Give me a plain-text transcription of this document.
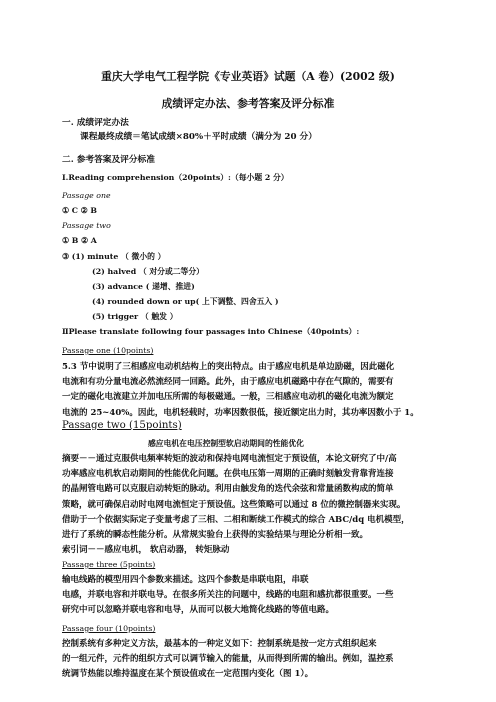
重庆大学电气工程学院《专业英语》试题（A 卷）(2002 级)
成绩评定办法、参考答案及评分标准
一. 成绩评定办法
课程最终成绩＝笔试成绩×80%＋平时成绩（满分为 20 分）
二. 参考答案及评分标准
Ⅰ.Reading comprehension（20points）:（每小题 2 分）
Passage one
① C ② B
Passage two
① B ② A
③ (1) minute （ 微小的 ）
(2) halved （ 对分或二等分）
(3) advance ( 递增、推进)
(4) rounded down or up( 上下调整、四舍五入 )
(5) trigger （ 触发 ）
ⅡPlease translate following four passages into Chinese（40points）:
Passage one (10points)
5.3 节中说明了三相感应电动机结构上的突出特点。由于感应电机是单边励磁，因此磁化
电流和有功分量电流必然流经同一回路。此外，由于感应电机磁路中存在气隙的，需要有
一定的磁化电流建立并加电压所需的每极磁通。一般，三相感应电动机的磁化电流为额定
电流的 25~40%。因此，电机轻载时，功率因数很低，接近额定出力时，其功率因数小于 1。
Passage two (15points)
感应电机在电压控制型软启动期间的性能优化
摘要－－通过克服供电频率转矩的波动和保持电网电流恒定于预设值，本论文研究了中/高
功率感应电机软启动期间的性能优化问题。在供电压第一周期的正确时刻触发背靠背连接
的晶闸管电路可以克服启动转矩的脉动。利用由触发角的迭代余弦和常量函数构成的简单
策略，就可确保启动时电网电流恒定于预设值。这些策略可以通过 8 位的微控制器来实现。
借助于一个依据实际定子变量考虑了三相、二相和断续工作模式的综合 ABC/dq 电机模型，
进行了系统的瞬态性能分析。从常规实验台上获得的实验结果与理论分析相一致。
索引词－－感应电机， 软启动器， 转矩脉动
Passage three (5points)
输电线路的模型用四个参数来描述。这四个参数是串联电阻，串联
电感，并联电容和并联电导。在很多所关注的问题中，线路的电阻和感抗都很重要。一些
研究中可以忽略并联电容和电导，从而可以极大地简化线路的等值电路。
Passage four (10points)
控制系统有多种定义方法，最基本的一种定义如下：控制系统是按一定方式组织起来
的一组元件，元件的组织方式可以调节输入的能量，从而得到所需的输出。例如，温控系
统调节热能以维持温度在某个预设值或在一定范围内变化（图 1）。
